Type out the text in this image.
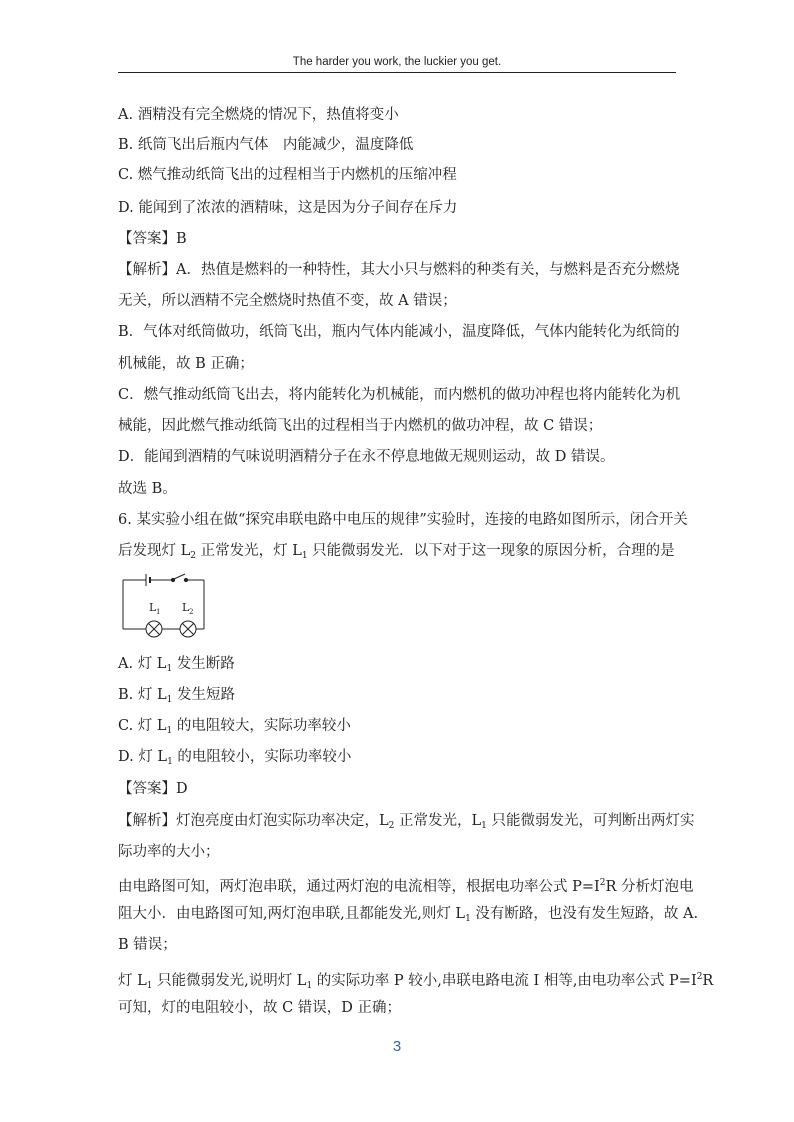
The harder you work, the luckier you get.
A. 酒精没有完全燃烧的情况下，热值将变小
B. 纸筒飞出后瓶内气体　内能减少，温度降低
C. 燃气推动纸筒飞出的过程相当于内燃机的压缩冲程
D. 能闻到了浓浓的酒精味，这是因为分子间存在斥力
【答案】B
【解析】A．热值是燃料的一种特性，其大小只与燃料的种类有关，与燃料是否充分燃烧
无关，所以酒精不完全燃烧时热值不变，故 A 错误；
B．气体对纸筒做功，纸筒飞出，瓶内气体内能减小，温度降低，气体内能转化为纸筒的
机械能，故 B 正确；
C．燃气推动纸筒飞出去，将内能转化为机械能，而内燃机的做功冲程也将内能转化为机
械能，因此燃气推动纸筒飞出的过程相当于内燃机的做功冲程，故 C 错误；
D．能闻到酒精的气味说明酒精分子在永不停息地做无规则运动，故 D 错误。
故选 B。
6. 某实验小组在做“探究串联电路中电压的规律”实验时，连接的电路如图所示，闭合开关
后发现灯 $L_2$ 正常发光，灯 $L_1$ 只能微弱发光．以下对于这一现象的原因分析，合理的是
L 1 L 2
A. 灯 $L_1$ 发生断路
B. 灯 $L_1$ 发生短路
C. 灯 $L_1$ 的电阻较大，实际功率较小
D. 灯 $L_1$ 的电阻较小，实际功率较小
【答案】D
【解析】灯泡亮度由灯泡实际功率决定，$L_2$ 正常发光，$L_1$ 只能微弱发光，可判断出两灯实
际功率的大小；
由电路图可知，两灯泡串联，通过两灯泡的电流相等，根据电功率公式 $P=I^2R$ 分析灯泡电
阻大小．由电路图可知,两灯泡串联,且都能发光,则灯 $L_1$ 没有断路，也没有发生短路，故 A.
B 错误；
灯 $L_1$ 只能微弱发光,说明灯 $L_1$ 的实际功率 P 较小,串联电路电流 I 相等,由电功率公式 $P=I^2R$
可知，灯的电阻较小，故 C 错误，D 正确；
3
